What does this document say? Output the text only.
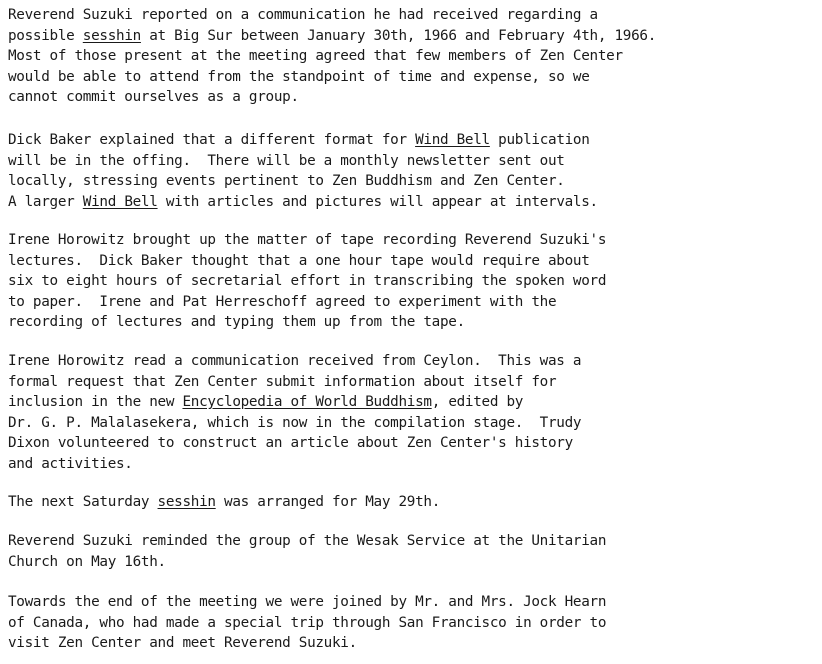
Reverend Suzuki reported on a communication he had received regarding a
possible sesshin at Big Sur between January 30th, 1966 and February 4th, 1966.
Most of those present at the meeting agreed that few members of Zen Center
would be able to attend from the standpoint of time and expense, so we
cannot commit ourselves as a group.
Dick Baker explained that a different format for Wind Bell publication
will be in the offing.  There will be a monthly newsletter sent out
locally, stressing events pertinent to Zen Buddhism and Zen Center.
A larger Wind Bell with articles and pictures will appear at intervals.
Irene Horowitz brought up the matter of tape recording Reverend Suzuki's
lectures.  Dick Baker thought that a one hour tape would require about
six to eight hours of secretarial effort in transcribing the spoken word
to paper.  Irene and Pat Herreschoff agreed to experiment with the
recording of lectures and typing them up from the tape.
Irene Horowitz read a communication received from Ceylon.  This was a
formal request that Zen Center submit information about itself for
inclusion in the new Encyclopedia of World Buddhism, edited by
Dr. G. P. Malalasekera, which is now in the compilation stage.  Trudy
Dixon volunteered to construct an article about Zen Center's history
and activities.
The next Saturday sesshin was arranged for May 29th.
Reverend Suzuki reminded the group of the Wesak Service at the Unitarian
Church on May 16th.
Towards the end of the meeting we were joined by Mr. and Mrs. Jock Hearn
of Canada, who had made a special trip through San Francisco in order to
visit Zen Center and meet Reverend Suzuki.
